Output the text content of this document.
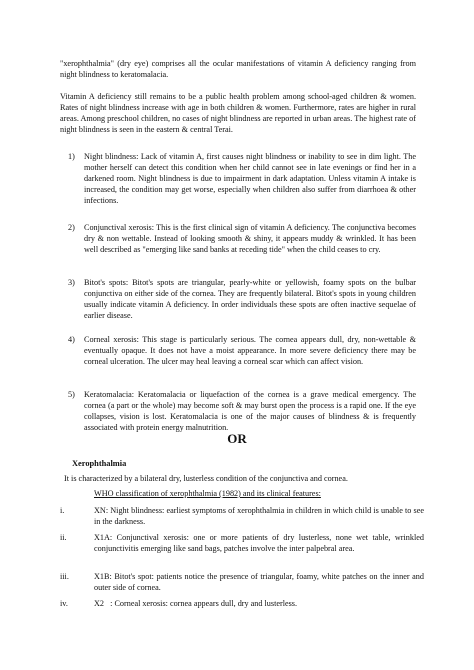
"xerophthalmia" (dry eye) comprises all the ocular manifestations of vitamin A deficiency ranging from night blindness to keratomalacia.

Vitamin A deficiency still remains to be a public health problem among school-aged children & women. Rates of night blindness increase with age in both children & women. Furthermore, rates are higher in rural areas. Among preschool children, no cases of night blindness are reported in urban areas. The highest rate of night blindness is seen in the eastern & central Terai.

1)	Night blindness: Lack of vitamin A, first causes night blindness or inability to see in dim light. The mother herself can detect this condition when her child cannot see in late evenings or find her in a darkened room. Night blindness is due to impairment in dark adaptation. Unless vitamin A intake is increased, the condition may get worse, especially when children also suffer from diarrhoea & other infections.
2)	Conjunctival xerosis: This is the first clinical sign of vitamin A deficiency. The conjunctiva becomes dry & non wettable. Instead of looking smooth & shiny, it appears muddy & wrinkled. It has been well described as "emerging like sand banks at receding tide" when the child ceases to cry.
3)	Bitot's spots: Bitot's spots are triangular, pearly-white or yellowish, foamy spots on the bulbar conjunctiva on either side of the cornea. They are frequently bilateral. Bitot's spots in young children usually indicate vitamin A deficiency. In order individuals these spots are often inactive sequelae of earlier disease.
4)	Corneal xerosis: This stage is particularly serious. The cornea appears dull, dry, non-wettable & eventually opaque. It does not have a moist appearance. In more severe deficiency there may be corneal ulceration. The ulcer may heal leaving a corneal scar which can affect vision.
5)	Keratomalacia: Keratomalacia or liquefaction of the cornea is a grave medical emergency. The cornea (a part or the whole) may become soft & may burst open the process is a rapid one. If the eye collapses, vision is lost. Keratomalacia is one of the major causes of blindness & is frequently associated with protein energy malnutrition.
OR
Xerophthalmia
It is characterized by a bilateral dry, lusterless condition of the conjunctiva and cornea.
WHO classification of xerophthalmia (1982) and its clinical features:
i.	XN: Night blindness: earliest symptoms of xerophthalmia in children in which child is unable to see in the darkness.
ii.	X1A: Conjunctival xerosis: one or more patients of dry lusterless, none wet table, wrinkled conjunctivitis emerging like sand bags, patches involve the inter palpebral area.
iii.	X1B: Bitot's spot: patients notice the presence of triangular, foamy, white patches on the inner and outer side of cornea.
iv.	X2   : Corneal xerosis: cornea appears dull, dry and lusterless.
